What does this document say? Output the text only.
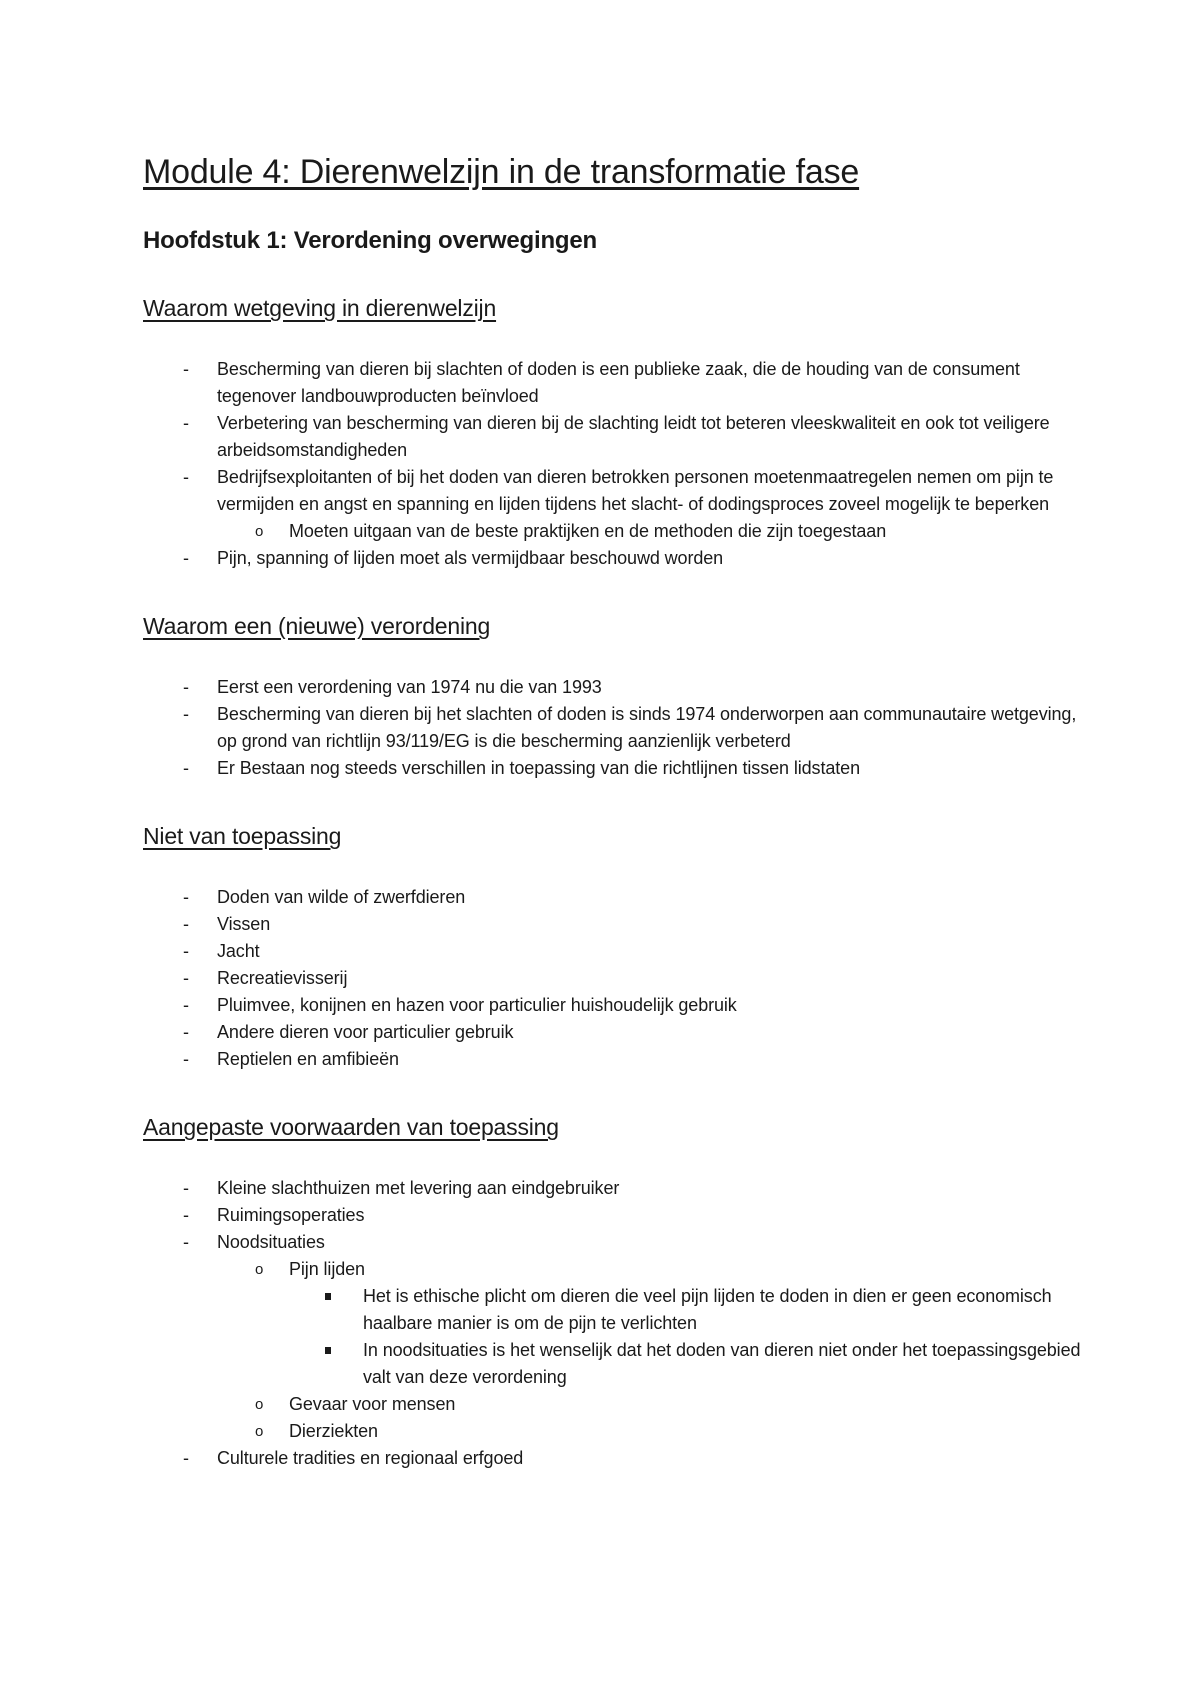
Module 4: Dierenwelzijn in de transformatie fase
Hoofdstuk 1: Verordening overwegingen
Waarom wetgeving in dierenwelzijn
- Bescherming van dieren bij slachten of doden is een publieke zaak, die de houding van de consument tegenover landbouwproducten beïnvloed
- Verbetering van bescherming van dieren bij de slachting leidt tot beteren vleeskwaliteit en ook tot veiligere arbeidsomstandigheden
- Bedrijfsexploitanten of bij het doden van dieren betrokken personen moetenmaatregelen nemen om pijn te vermijden en angst en spanning en lijden tijdens het slacht- of dodingsproces zoveel mogelijk te beperken
o Moeten uitgaan van de beste praktijken en de methoden die zijn toegestaan
- Pijn, spanning of lijden moet als vermijdbaar beschouwd worden
Waarom een (nieuwe) verordening
- Eerst een verordening van 1974 nu die van 1993
- Bescherming van dieren bij het slachten of doden is sinds 1974 onderworpen aan communautaire wetgeving, op grond van richtlijn 93/119/EG is die bescherming aanzienlijk verbeterd
- Er Bestaan nog steeds verschillen in toepassing van die richtlijnen tissen lidstaten
Niet van toepassing
- Doden van wilde of zwerfdieren
- Vissen
- Jacht
- Recreatievisserij
- Pluimvee, konijnen en hazen voor particulier huishoudelijk gebruik
- Andere dieren voor particulier gebruik
- Reptielen en amfibieën
Aangepaste voorwaarden van toepassing
- Kleine slachthuizen met levering aan eindgebruiker
- Ruimingsoperaties
- Noodsituaties
o Pijn lijden
Het is ethische plicht om dieren die veel pijn lijden te doden in dien er geen economisch haalbare manier is om de pijn te verlichten
In noodsituaties is het wenselijk dat het doden van dieren niet onder het toepassingsgebied valt van deze verordening
o Gevaar voor mensen
o Dierziekten
- Culturele tradities en regionaal erfgoed
